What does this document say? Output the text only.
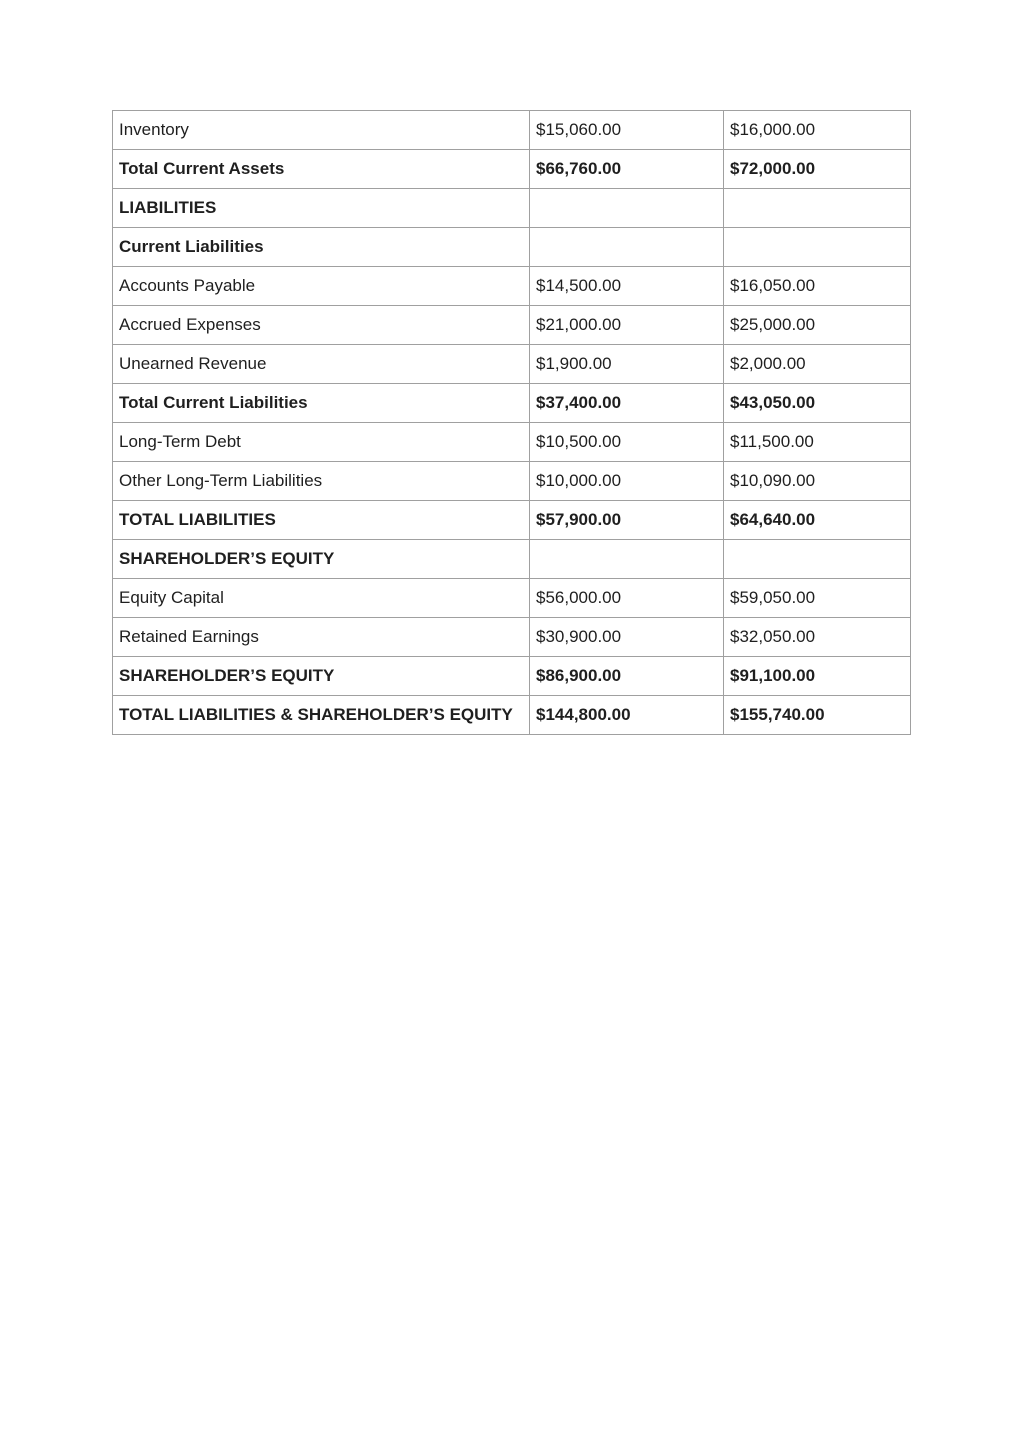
Inventory	$15,060.00	$16,000.00
Total Current Assets	$66,760.00	$72,000.00
LIABILITIES		
Current Liabilities		
Accounts Payable	$14,500.00	$16,050.00
Accrued Expenses	$21,000.00	$25,000.00
Unearned Revenue	$1,900.00	$2,000.00
Total Current Liabilities	$37,400.00	$43,050.00
Long-Term Debt	$10,500.00	$11,500.00
Other Long-Term Liabilities	$10,000.00	$10,090.00
TOTAL LIABILITIES	$57,900.00	$64,640.00
SHAREHOLDER’S EQUITY		
Equity Capital	$56,000.00	$59,050.00
Retained Earnings	$30,900.00	$32,050.00
SHAREHOLDER’S EQUITY	$86,900.00	$91,100.00
TOTAL LIABILITIES & SHAREHOLDER’S EQUITY	$144,800.00	$155,740.00
